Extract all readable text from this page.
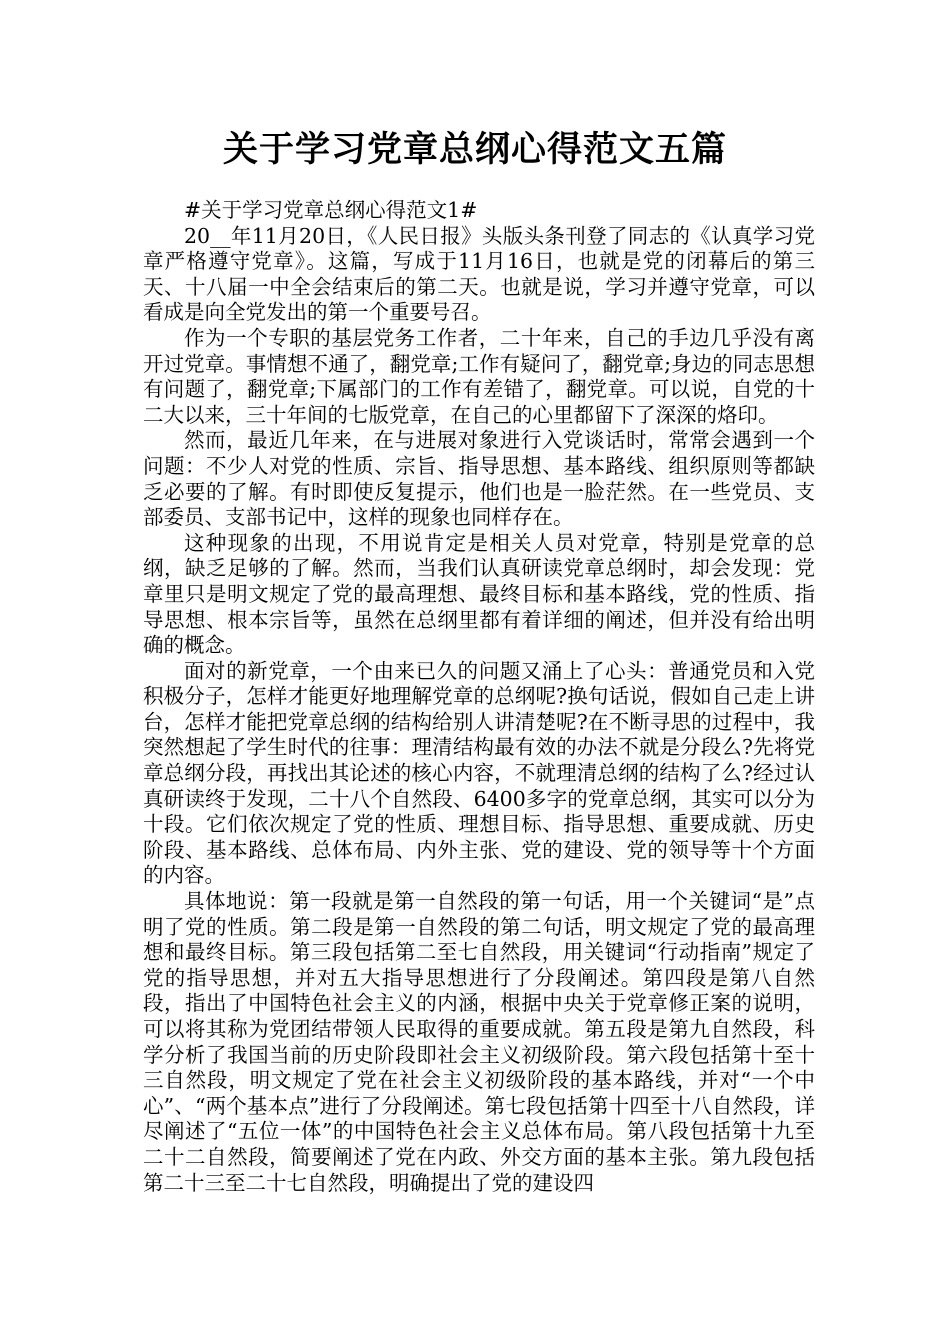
关于学习党章总纲心得范文五篇

#关于学习党章总纲心得范文1#

20__年11月20日，《人民日报》头版头条刊登了同志的《认真学习党章严格遵守党章》。这篇，写成于11月16日，也就是党的闭幕后的第三天、十八届一中全会结束后的第二天。也就是说，学习并遵守党章，可以看成是向全党发出的第一个重要号召。

作为一个专职的基层党务工作者，二十年来，自己的手边几乎没有离开过党章。事情想不通了，翻党章;工作有疑问了，翻党章;身边的同志思想有问题了，翻党章;下属部门的工作有差错了，翻党章。可以说，自党的十二大以来，三十年间的七版党章，在自己的心里都留下了深深的烙印。

然而，最近几年来，在与进展对象进行入党谈话时，常常会遇到一个问题：不少人对党的性质、宗旨、指导思想、基本路线、组织原则等都缺乏必要的了解。有时即使反复提示，他们也是一脸茫然。在一些党员、支部委员、支部书记中，这样的现象也同样存在。

这种现象的出现，不用说肯定是相关人员对党章，特别是党章的总纲，缺乏足够的了解。然而，当我们认真研读党章总纲时，却会发现：党章里只是明文规定了党的最高理想、最终目标和基本路线，党的性质、指导思想、根本宗旨等，虽然在总纲里都有着详细的阐述，但并没有给出明确的概念。

面对的新党章，一个由来已久的问题又涌上了心头：普通党员和入党积极分子，怎样才能更好地理解党章的总纲呢?换句话说，假如自己走上讲台，怎样才能把党章总纲的结构给别人讲清楚呢?在不断寻思的过程中，我突然想起了学生时代的往事：理清结构最有效的办法不就是分段么?先将党章总纲分段，再找出其论述的核心内容，不就理清总纲的结构了么?经过认真研读终于发现，二十八个自然段、6400多字的党章总纲，其实可以分为十段。它们依次规定了党的性质、理想目标、指导思想、重要成就、历史阶段、基本路线、总体布局、内外主张、党的建设、党的领导等十个方面的内容。

具体地说：第一段就是第一自然段的第一句话，用一个关键词“是”点明了党的性质。第二段是第一自然段的第二句话，明文规定了党的最高理想和最终目标。第三段包括第二至七自然段，用关键词“行动指南”规定了党的指导思想，并对五大指导思想进行了分段阐述。第四段是第八自然段，指出了中国特色社会主义的内涵，根据中央关于党章修正案的说明，可以将其称为党团结带领人民取得的重要成就。第五段是第九自然段，科学分析了我国当前的历史阶段即社会主义初级阶段。第六段包括第十至十三自然段，明文规定了党在社会主义初级阶段的基本路线，并对“一个中心”、“两个基本点”进行了分段阐述。第七段包括第十四至十八自然段，详尽阐述了“五位一体”的中国特色社会主义总体布局。第八段包括第十九至二十二自然段，简要阐述了党在内政、外交方面的基本主张。第九段包括第二十三至二十七自然段，明确提出了党的建设四
